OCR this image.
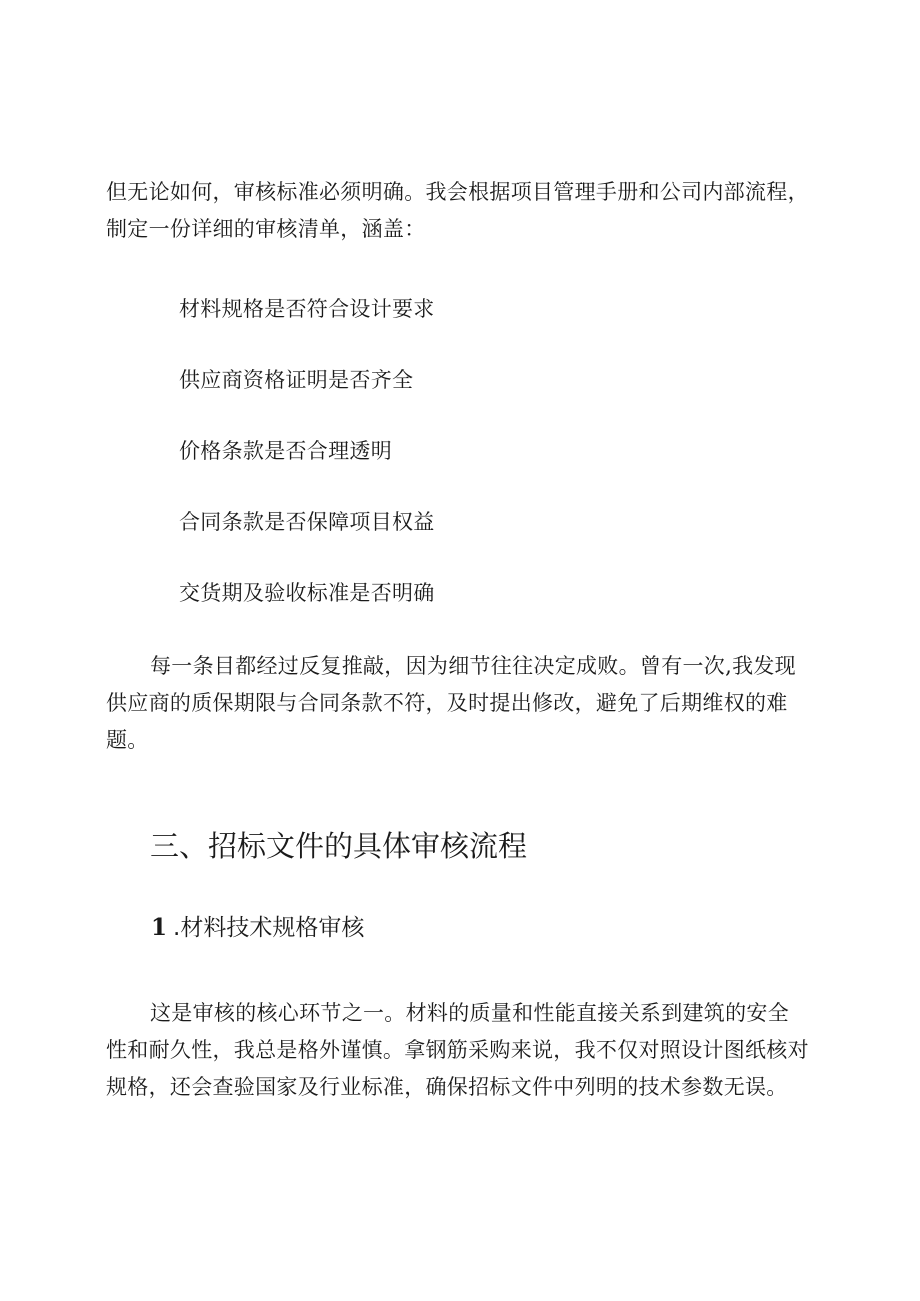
但无论如何，审核标准必须明确。我会根据项目管理手册和公司内部流程，
制定一份详细的审核清单，涵盖：

材料规格是否符合设计要求

供应商资格证明是否齐全

价格条款是否合理透明

合同条款是否保障项目权益

交货期及验收标准是否明确

每一条目都经过反复推敲，因为细节往往决定成败。曾有一次,我发现
供应商的质保期限与合同条款不符，及时提出修改，避免了后期维权的难
题。

三、招标文件的具体审核流程
1 .材料技术规格审核

这是审核的核心环节之一。材料的质量和性能直接关系到建筑的安全
性和耐久性，我总是格外谨慎。拿钢筋采购来说，我不仅对照设计图纸核对
规格，还会查验国家及行业标准，确保招标文件中列明的技术参数无误。
